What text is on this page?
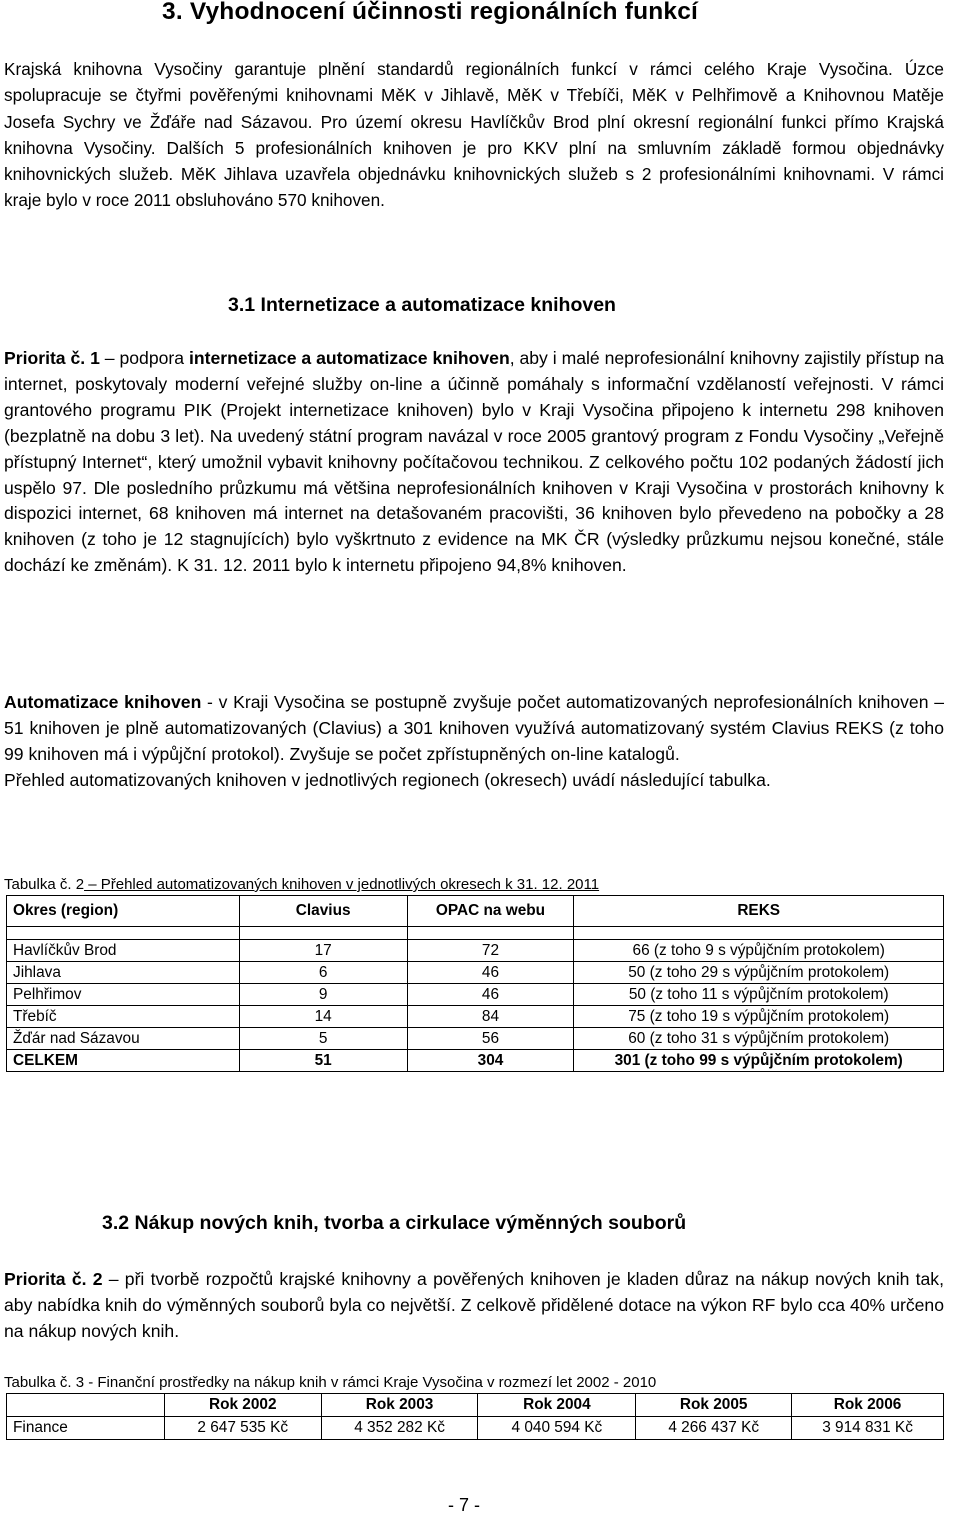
3. Vyhodnocení účinnosti regionálních funkcí
Krajská knihovna Vysočiny garantuje plnění standardů regionálních funkcí v rámci celého Kraje Vysočina. Úzce spolupracuje se čtyřmi pověřenými knihovnami MěK v Jihlavě, MěK v Třebíči, MěK v Pelhřimově a Knihovnou Matěje Josefa Sychry ve Žďáře nad Sázavou. Pro území okresu Havlíčkův Brod plní okresní regionální funkci přímo Krajská knihovna Vysočiny. Dalších 5 profesionálních knihoven je pro KKV plní na smluvním základě formou objednávky knihovnických služeb. MěK Jihlava uzavřela objednávku knihovnických služeb s 2 profesionálními knihovnami. V rámci kraje bylo v roce 2011 obsluhováno 570 knihoven.
3.1 Internetizace a automatizace knihoven
Priorita č. 1 – podpora internetizace a automatizace knihoven, aby i malé neprofesionální knihovny zajistily přístup na internet, poskytovaly moderní veřejné služby on-line a účinně pomáhaly s informační vzdělaností veřejnosti. V rámci grantového programu PIK (Projekt internetizace knihoven) bylo v Kraji Vysočina připojeno k internetu 298 knihoven (bezplatně na dobu 3 let). Na uvedený státní program navázal v roce 2005 grantový program z Fondu Vysočiny „Veřejně přístupný Internet“, který umožnil vybavit knihovny počítačovou technikou. Z celkového počtu 102 podaných žádostí jich uspělo 97. Dle posledního průzkumu má většina neprofesionálních knihoven v Kraji Vysočina v prostorách knihovny k dispozici internet, 68 knihoven má internet na detašovaném pracovišti, 36 knihoven bylo převedeno na pobočky a 28 knihoven (z toho je 12 stagnujících) bylo vyškrtnuto z evidence na MK ČR (výsledky průzkumu nejsou konečné, stále dochází ke změnám). K 31. 12. 2011 bylo k internetu připojeno 94,8% knihoven.
Automatizace knihoven - v Kraji Vysočina se postupně zvyšuje počet automatizovaných neprofesionálních knihoven – 51 knihoven je plně automatizovaných (Clavius) a 301 knihoven využívá automatizovaný systém Clavius REKS (z toho 99 knihoven má i výpůjční protokol). Zvyšuje se počet zpřístupněných on-line katalogů.
Přehled automatizovaných knihoven v jednotlivých regionech (okresech) uvádí následující tabulka.
Tabulka č. 2 – Přehled automatizovaných knihoven v jednotlivých okresech k 31. 12. 2011
Okres (region)	Clavius	OPAC na webu	REKS

Havlíčkův Brod	17	72	66 (z toho 9 s výpůjčním protokolem)
Jihlava	6	46	50 (z toho 29 s výpůjčním protokolem)
Pelhřimov	9	46	50 (z toho 11 s výpůjčním protokolem)
Třebíč	14	84	75 (z toho 19 s výpůjčním protokolem)
Žďár nad Sázavou	5	56	60 (z toho 31 s výpůjčním protokolem)
CELKEM	51	304	301 (z toho 99 s výpůjčním protokolem)
3.2 Nákup nových knih, tvorba a cirkulace výměnných souborů
Priorita č. 2 – při tvorbě rozpočtů krajské knihovny a pověřených knihoven je kladen důraz na nákup nových knih tak, aby nabídka knih do výměnných souborů byla co největší. Z celkově přidělené dotace na výkon RF bylo cca 40% určeno na nákup nových knih.
Tabulka č. 3 - Finanční prostředky na nákup knih v rámci Kraje Vysočina v rozmezí let 2002 - 2010
	Rok 2002	Rok 2003	Rok 2004	Rok 2005	Rok 2006
Finance	2 647 535 Kč	4 352 282 Kč	4 040 594 Kč	4 266 437 Kč	3 914 831 Kč
- 7 -
